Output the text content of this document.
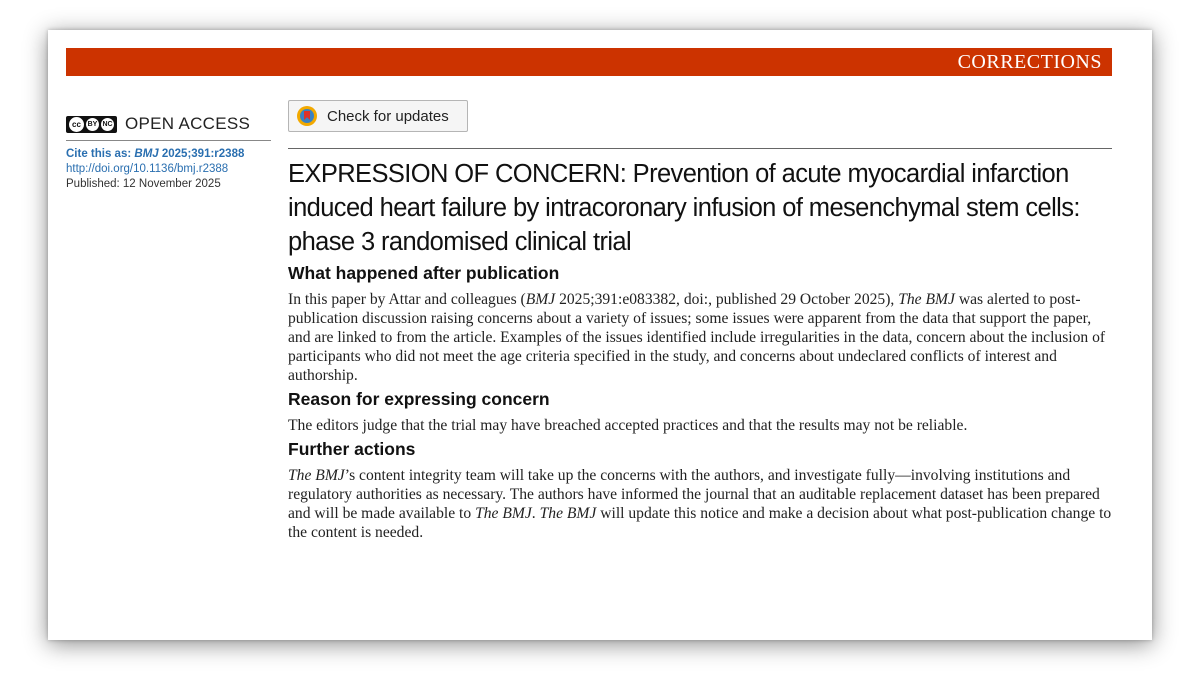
CORRECTIONS
cc BY NC OPEN ACCESS
Cite this as: BMJ 2025;391:r2388
http://doi.org/10.1136/bmj.r2388
Published: 12 November 2025
Check for updates
EXPRESSION OF CONCERN: Prevention of acute myocardial infarction induced heart failure by intracoronary infusion of mesenchymal stem cells: phase 3 randomised clinical trial
What happened after publication

In this paper by Attar and colleagues (BMJ 2025;391:e083382, doi:, published 29 October 2025), The BMJ was alerted to post-publication discussion raising concerns about a variety of issues; some issues were apparent from the data that support the paper, and are linked to from the article. Examples of the issues identified include irregularities in the data, concern about the inclusion of participants who did not meet the age criteria specified in the study, and concerns about undeclared conflicts of interest and authorship.

Reason for expressing concern

The editors judge that the trial may have breached accepted practices and that the results may not be reliable.

Further actions

The BMJ’s content integrity team will take up the concerns with the authors, and investigate fully—involving institutions and regulatory authorities as necessary. The authors have informed the journal that an auditable replacement dataset has been prepared and will be made available to The BMJ. The BMJ will update this notice and make a decision about what post-publication change to the content is needed.
